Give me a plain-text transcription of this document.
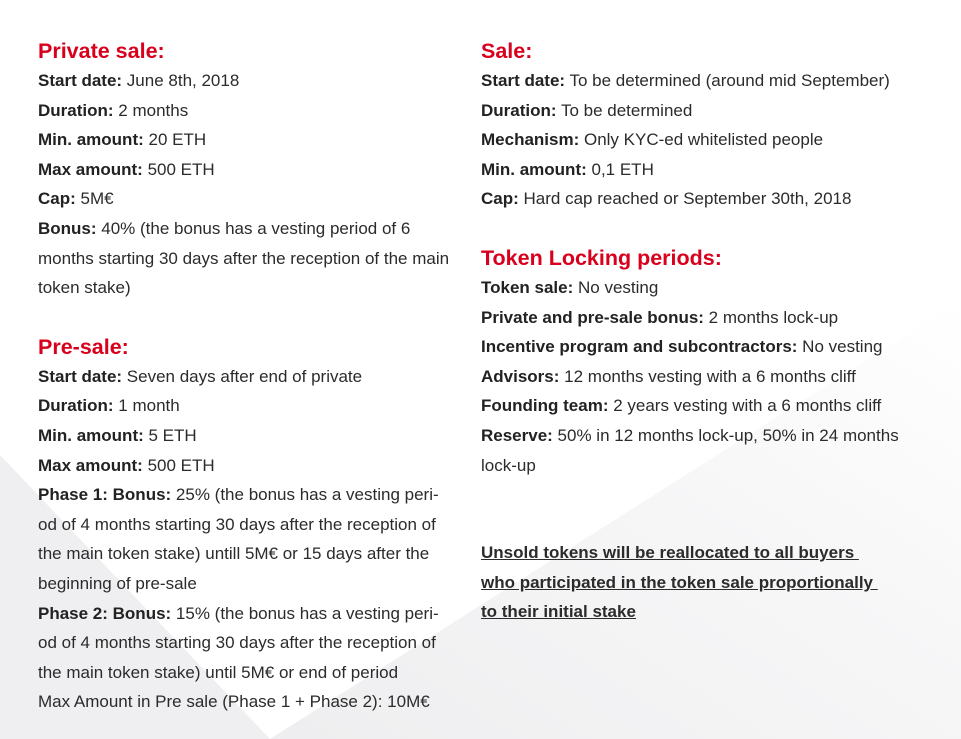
Private sale:

Start date: June 8th, 2018

Duration: 2 months

Min. amount: 20 ETH

Max amount: 500 ETH

Cap: 5M€

Bonus: 40% (the bonus has a vesting period of 6 months starting 30 days after the reception of the main token stake)

Pre-sale:

Start date: Seven days after end of private

Duration: 1 month

Min. amount: 5 ETH

Max amount: 500 ETH

Phase 1: Bonus: 25% (the bonus has a vesting peri-od of 4 months starting 30 days after the reception of the main token stake) untill 5M€ or 15 days after the beginning of pre-sale

Phase 2: Bonus: 15% (the bonus has a vesting peri-od of 4 months starting 30 days after the reception of the main token stake) until 5M€ or end of period

Max Amount in Pre sale (Phase 1 + Phase 2): 10M€

Sale:

Start date: To be determined (around mid September)

Duration: To be determined

Mechanism: Only KYC-ed whitelisted people

Min. amount: 0,1 ETH

Cap: Hard cap reached or September 30th, 2018

Token Locking periods:

Token sale: No vesting

Private and pre-sale bonus: 2 months lock-up

Incentive program and subcontractors: No vesting

Advisors: 12 months vesting with a 6 months cliff

Founding team: 2 years vesting with a 6 months cliff

Reserve: 50% in 12 months lock-up, 50% in 24 months lock-up

Unsold tokens will be reallocated to all buyers

who participated in the token sale proportionally

to their initial stake
